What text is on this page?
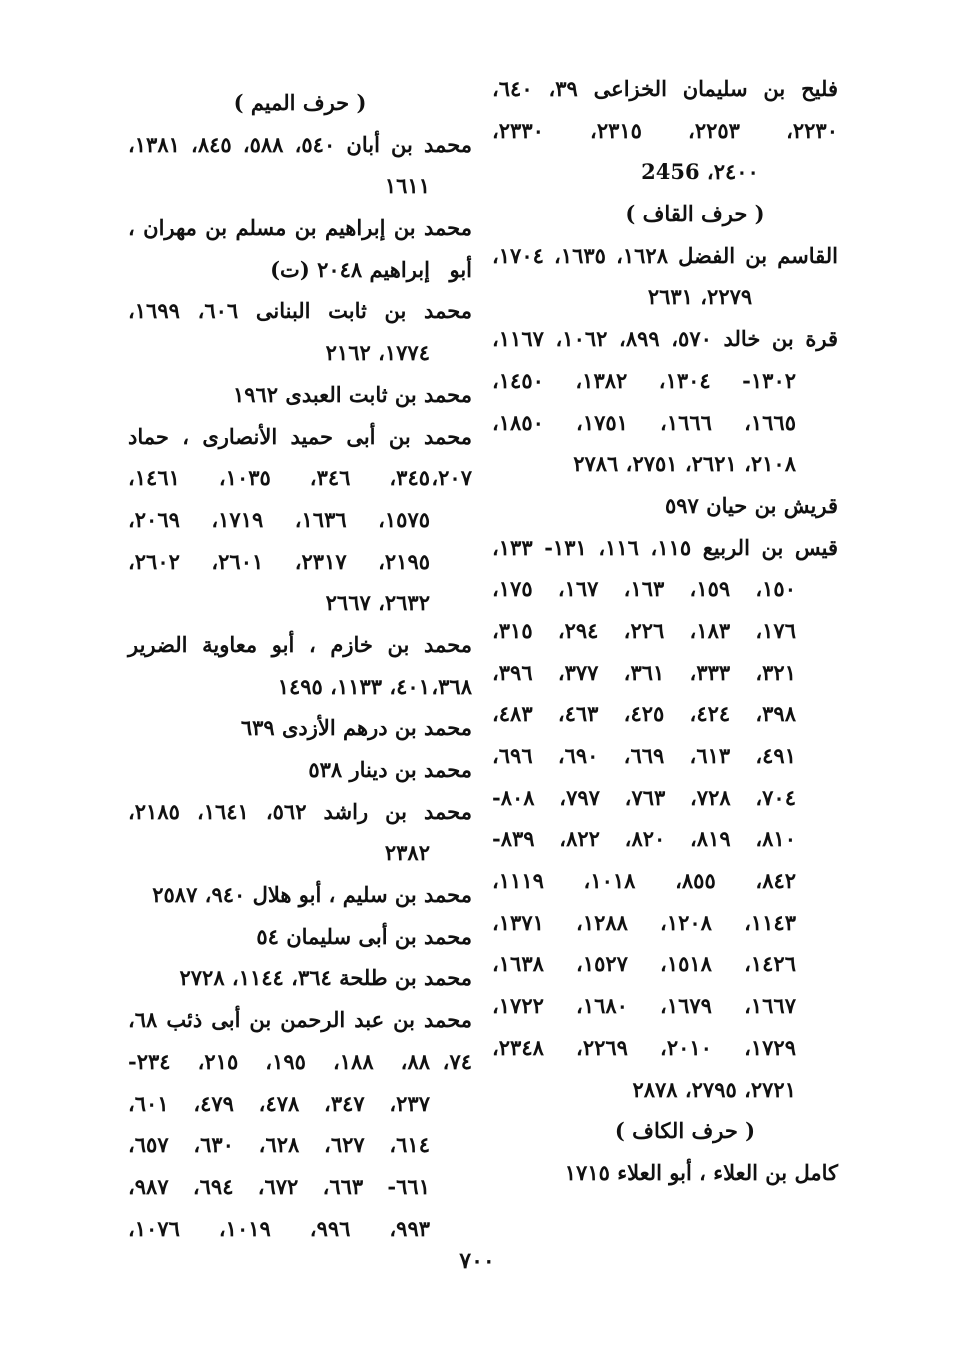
فليح بن سليمان الخزاعى ٣٩، ٦٤٠،
٢٢٣٠، ٢٢٥٣، ٢٣١٥، ٢٣٣٠،
٢٤٠٠، 2456
( حرف القاف )
القاسم بن الفضل ١٦٢٨، ١٦٣٥، ١٧٠٤،
٢٢٧٩، ٢٦٣١
قرة بن خالد ٥٧٠، ٨٩٩، ١٠٦٢، ١١٦٧،
١٣٠٢- ١٣٠٤، ١٣٨٢، ١٤٥٠،
١٦٦٥، ١٦٦٦، ١٧٥١، ١٨٥٠،
٢١٠٨، ٢٦٢١، ٢٧٥١، ٢٧٨٦
قريش بن حيان ٥٩٧
قيس بن الربيع ١١٥، ١١٦، ١٣١- ١٣٣،
١٥٠، ١٥٩، ١٦٣، ١٦٧، ١٧٥،
١٧٦، ١٨٣، ٢٢٦، ٢٩٤، ٣١٥،
٣٢١، ٣٣٣، ٣٦١، ٣٧٧، ٣٩٦،
٣٩٨، ٤٢٤، ٤٢٥، ٤٦٣، ٤٨٣،
٤٩١، ٦١٣، ٦٦٩، ٦٩٠، ٦٩٦،
٧٠٤، ٧٢٨، ٧٦٣، ٧٩٧، ٨٠٨-
٨١٠، ٨١٩، ٨٢٠، ٨٢٢، ٨٣٩-
٨٤٢، ٨٥٥، ١٠١٨، ١١١٩،
١١٤٣، ١٢٠٨، ١٢٨٨، ١٣٧١،
١٤٢٦، ١٥١٨، ١٥٢٧، ١٦٣٨،
١٦٦٧، ١٦٧٩، ١٦٨٠، ١٧٢٢،
١٧٢٩، ٢٠١٠، ٢٢٦٩، ٢٣٤٨،
٢٧٢١، ٢٧٩٥، ٢٨٧٨
( حرف الكاف )
كامل بن العلاء ، أبو العلاء ١٧١٥
( حرف الميم )
محمد بن أبان ٥٤٠، ٥٨٨، ٨٤٥، ١٣٨١،
١٦١١
محمد بن إبراهيم بن مسلم بن مهران ، أبو
إبراهيم ٢٠٤٨ (ت)
محمد بن ثابت البنانى ٦٠٦، ١٦٩٩،
١٧٧٤، ٢١٦٢
محمد بن ثابت العبدى ١٩٦٢
محمد بن أبى حميد الأنصارى ، حماد ٢٠٧،
٣٤٥، ٣٤٦، ١٠٣٥، ١٤٦١،
١٥٧٥، ١٦٣٦، ١٧١٩، ٢٠٦٩،
٢١٩٥، ٢٣١٧، ٢٦٠١، ٢٦٠٢،
٢٦٣٢، ٢٦٦٧
محمد بن خازم ، أبو معاوية الضرير ٣٦٨،
٤٠١، ١١٣٣، ١٤٩٥
محمد بن درهم الأزدى ٦٣٩
محمد بن دينار ٥٣٨
محمد بن راشد ٥٦٢، ١٦٤١، ٢١٨٥،
٢٣٨٢
محمد بن سليم ، أبو هلال ٩٤٠، ٢٥٨٧
محمد بن أبى سليمان ٥٤
محمد بن طلحة ٣٦٤، ١١٤٤، ٢٧٢٨
محمد بن عبد الرحمن بن أبى ذئب ٦٨، ٧٤،
٨٨، ١٨٨، ١٩٥، ٢١٥، ٢٣٤-
٢٣٧، ٣٤٧، ٤٧٨، ٤٧٩، ٦٠١،
٦١٤، ٦٢٧، ٦٢٨، ٦٣٠، ٦٥٧،
٦٦١- ٦٦٣، ٦٧٢، ٦٩٤، ٩٨٧،
٩٩٣، ٩٩٦، ١٠١٩، ١٠٧٦،
٧٠٠
